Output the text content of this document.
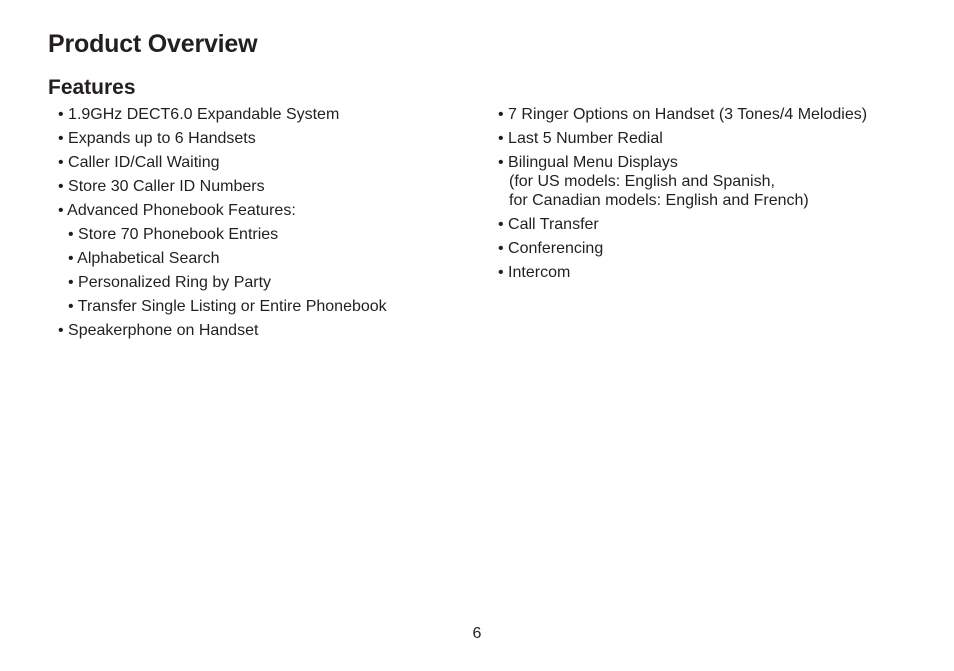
Product Overview
Features
• 1.9GHz DECT6.0 Expandable System
• Expands up to 6 Handsets
• Caller ID/Call Waiting
• Store 30 Caller ID Numbers
• Advanced Phonebook Features:
• Store 70 Phonebook Entries
• Alphabetical Search
• Personalized Ring by Party
• Transfer Single Listing or Entire Phonebook
• Speakerphone on Handset
• 7 Ringer Options on Handset (3 Tones/4 Melodies)
• Last 5 Number Redial
• Bilingual Menu Displays
(for US models: English and Spanish,
for Canadian models: English and French)
• Call Transfer
• Conferencing
• Intercom
6
